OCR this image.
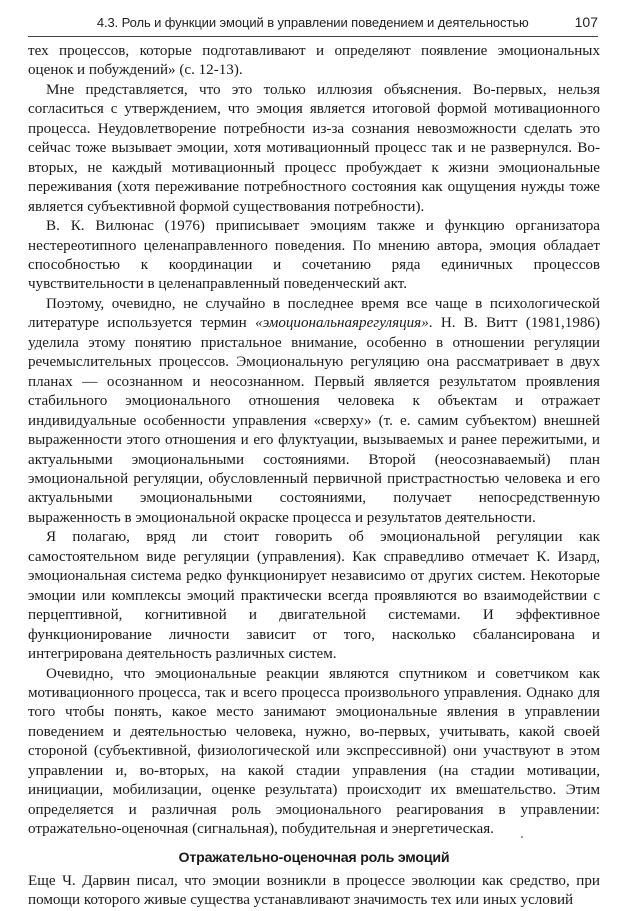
4.3. Роль и функции эмоций в управлении поведением и деятельностью	107

тех процессов, которые подготавливают и определяют появление эмоциональных оценок и побуждений» (с. 12-13).

Мне представляется, что это только иллюзия объяснения. Во-первых, нельзя согласиться с утверждением, что эмоция является итоговой формой мотивационного процесса. Неудовлетворение потребности из-за сознания невозможности сделать это сейчас тоже вызывает эмоции, хотя мотивационный процесс так и не развернулся. Во-вторых, не каждый мотивационный процесс пробуждает к жизни эмоциональные переживания (хотя переживание потребностного состояния как ощущения нужды тоже является субъективной формой существования потребности).

В. К. Вилюнас (1976) приписывает эмоциям также и функцию организатора нестереотипного целенаправленного поведения. По мнению автора, эмоция обладает способностью к координации и сочетанию ряда единичных процессов чувствительности в целенаправленный поведенческий акт.

Поэтому, очевидно, не случайно в последнее время все чаще в психологической литературе используется термин «эмоциональнаярегуляция». Н. В. Витт (1981,1986) уделила этому понятию пристальное внимание, особенно в отношении регуляции речемыслительных процессов. Эмоциональную регуляцию она рассматривает в двух планах — осознанном и неосознанном. Первый является результатом проявления стабильного эмоционального отношения человека к объектам и отражает индивидуальные особенности управления «сверху» (т. е. самим субъектом) внешней выраженности этого отношения и его флуктуации, вызываемых и ранее пережитыми, и актуальными эмоциональными состояниями. Второй (неосознаваемый) план эмоциональной регуляции, обусловленный первичной пристрастностью человека и его актуальными эмоциональными состояниями, получает непосредственную выраженность в эмоциональной окраске процесса и результатов деятельности.

Я полагаю, вряд ли стоит говорить об эмоциональной регуляции как самостоятельном виде регуляции (управления). Как справедливо отмечает К. Изард, эмоциональная система редко функционирует независимо от других систем. Некоторые эмоции или комплексы эмоций практически всегда проявляются во взаимодействии с перцептивной, когнитивной и двигательной системами. И эффективное функционирование личности зависит от того, насколько сбалансирована и интегрирована деятельность различных систем.

Очевидно, что эмоциональные реакции являются спутником и советчиком как мотивационного процесса, так и всего процесса произвольного управления. Однако для того чтобы понять, какое место занимают эмоциональные явления в управлении поведением и деятельностью человека, нужно, во-первых, учитывать, какой своей стороной (субъективной, физиологической или экспрессивной) они участвуют в этом управлении и, во-вторых, на какой стадии управления (на стадии мотивации, инициации, мобилизации, оценке результата) происходит их вмешательство. Этим определяется и различная роль эмоционального реагирования в управлении: отражательно-оценочная (сигнальная), побудительная и энергетическая.

Отражательно-оценочная роль эмоций

Еще Ч. Дарвин писал, что эмоции возникли в процессе эволюции как средство, при помощи которого живые существа устанавливают значимость тех или иных условий
